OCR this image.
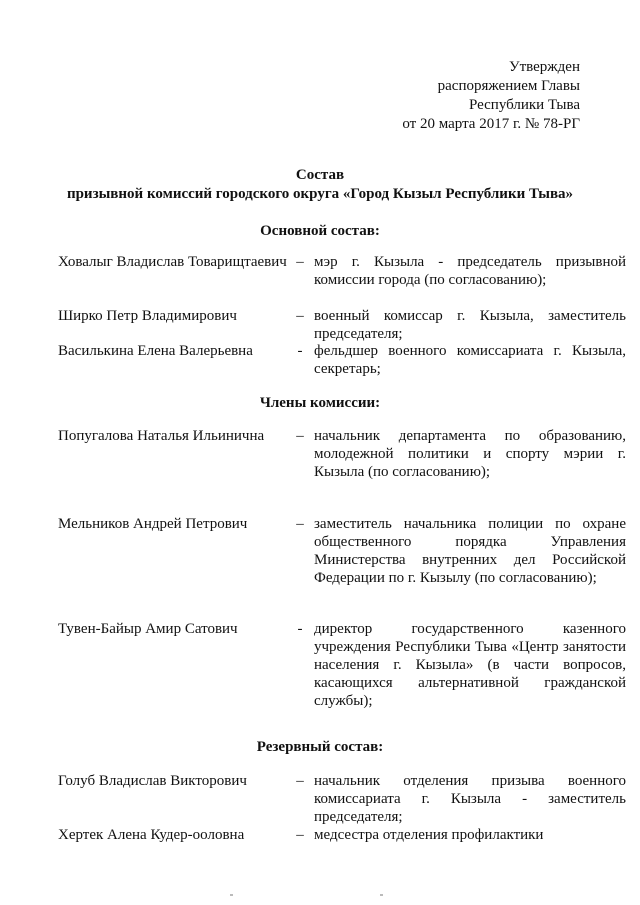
Утвержден
распоряжением Главы
Республики Тыва
от 20 марта 2017 г. № 78-РГ
Состав
призывной комиссий городского округа «Город Кызыл Республики Тыва»
Основной состав:
Ховалыг Владислав Товарищтаевич – мэр г. Кызыла - председатель призывной комиссии города (по согласованию);
Ширко Петр Владимирович	– военный комиссар г. Кызыла, заместитель председателя;
Василькина Елена Валерьевна	- фельдшер военного комиссариата г. Кызыла, секретарь;
Члены комиссии:
Попугалова Наталья Ильинична	– начальник департамента по образованию, молодежной политики и спорту мэрии г. Кызыла (по согласованию);
Мельников Андрей Петрович	– заместитель начальника полиции по охране общественного порядка Управления Министерства внутренних дел Российской Федерации по г. Кызылу (по согласованию);
Тувен-Байыр Амир Сатович	- директор государственного казенного учреждения Республики Тыва «Центр занятости населения г. Кызыла» (в части вопросов, касающихся альтернативной гражданской службы);
Резервный состав:
Голуб Владислав Викторович	– начальник отделения призыва военного комиссариата г. Кызыла - заместитель председателя;
Хертек Алена Кудер-ооловна	– медсестра отделения профилактики
